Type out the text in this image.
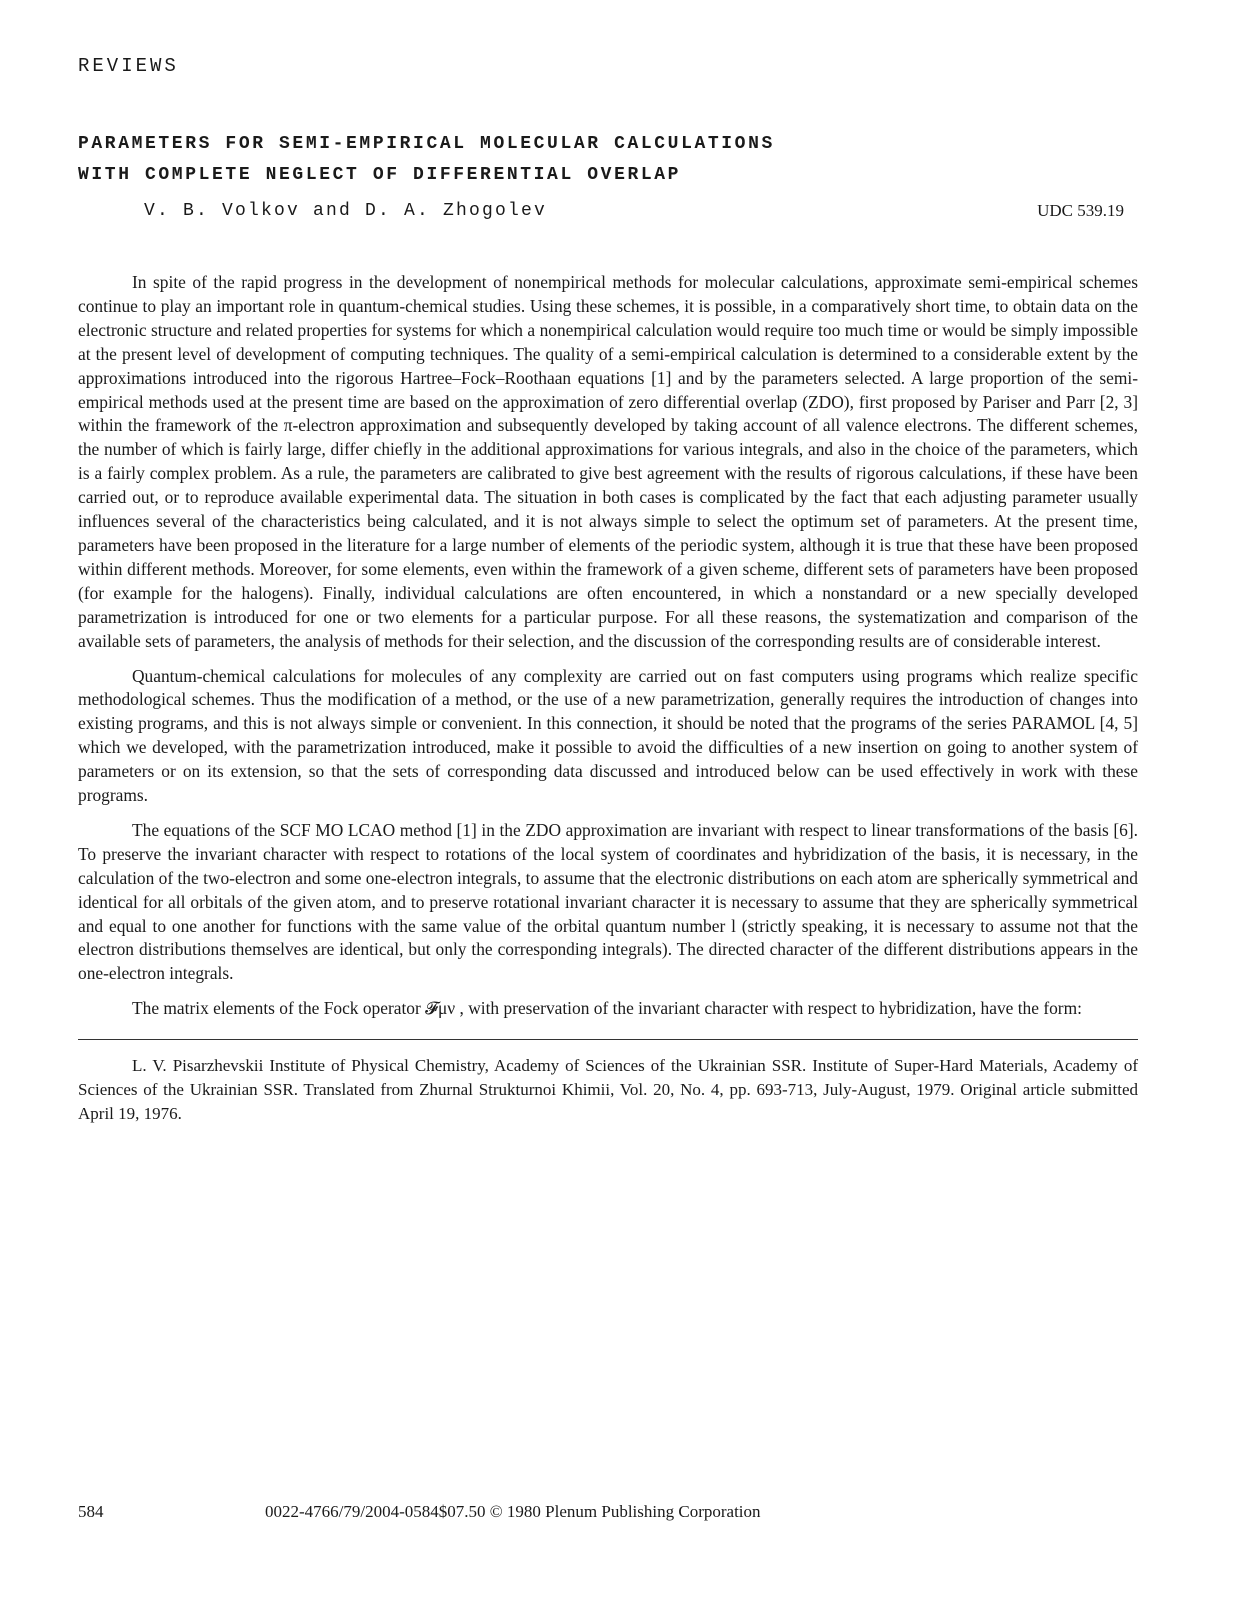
REVIEWS
PARAMETERS FOR SEMI-EMPIRICAL MOLECULAR CALCULATIONS
WITH COMPLETE NEGLECT OF DIFFERENTIAL OVERLAP
V. B. Volkov and D. A. Zhogolev	UDC 539.19

In spite of the rapid progress in the development of nonempirical methods for molecular calculations, approximate semi-empirical schemes continue to play an important role in quantum-chemical studies. Using these schemes, it is possible, in a comparatively short time, to obtain data on the electronic structure and related properties for systems for which a nonempirical calculation would require too much time or would be simply impossible at the present level of development of computing techniques. The quality of a semi-empirical calculation is determined to a considerable extent by the approximations introduced into the rigorous Hartree–Fock–Roothaan equations [1] and by the parameters selected. A large proportion of the semi-empirical methods used at the present time are based on the approximation of zero differential overlap (ZDO), first proposed by Pariser and Parr [2, 3] within the framework of the π-electron approximation and subsequently developed by taking account of all valence electrons. The different schemes, the number of which is fairly large, differ chiefly in the additional approximations for various integrals, and also in the choice of the parameters, which is a fairly complex problem. As a rule, the parameters are calibrated to give best agreement with the results of rigorous calculations, if these have been carried out, or to reproduce available experimental data. The situation in both cases is complicated by the fact that each adjusting parameter usually influences several of the characteristics being calculated, and it is not always simple to select the optimum set of parameters. At the present time, parameters have been proposed in the literature for a large number of elements of the periodic system, although it is true that these have been proposed within different methods. Moreover, for some elements, even within the framework of a given scheme, different sets of parameters have been proposed (for example for the halogens). Finally, individual calculations are often encountered, in which a nonstandard or a new specially developed parametrization is introduced for one or two elements for a particular purpose. For all these reasons, the systematization and comparison of the available sets of parameters, the analysis of methods for their selection, and the discussion of the corresponding results are of considerable interest.

Quantum-chemical calculations for molecules of any complexity are carried out on fast computers using programs which realize specific methodological schemes. Thus the modification of a method, or the use of a new parametrization, generally requires the introduction of changes into existing programs, and this is not always simple or convenient. In this connection, it should be noted that the programs of the series PARAMOL [4, 5] which we developed, with the parametrization introduced, make it possible to avoid the difficulties of a new insertion on going to another system of parameters or on its extension, so that the sets of corresponding data discussed and introduced below can be used effectively in work with these programs.

The equations of the SCF MO LCAO method [1] in the ZDO approximation are invariant with respect to linear transformations of the basis [6]. To preserve the invariant character with respect to rotations of the local system of coordinates and hybridization of the basis, it is necessary, in the calculation of the two-electron and some one-electron integrals, to assume that the electronic distributions on each atom are spherically symmetrical and identical for all orbitals of the given atom, and to preserve rotational invariant character it is necessary to assume that they are spherically symmetrical and equal to one another for functions with the same value of the orbital quantum number l (strictly speaking, it is necessary to assume not that the electron distributions themselves are identical, but only the corresponding integrals). The directed character of the different distributions appears in the one-electron integrals.

The matrix elements of the Fock operator 𝓕μν , with preservation of the invariant character with respect to hybridization, have the form:

L. V. Pisarzhevskii Institute of Physical Chemistry, Academy of Sciences of the Ukrainian SSR. Institute of Super-Hard Materials, Academy of Sciences of the Ukrainian SSR. Translated from Zhurnal Strukturnoi Khimii, Vol. 20, No. 4, pp. 693-713, July-August, 1979. Original article submitted April 19, 1976.
584	0022-4766/79/2004-0584$07.50 © 1980 Plenum Publishing Corporation
